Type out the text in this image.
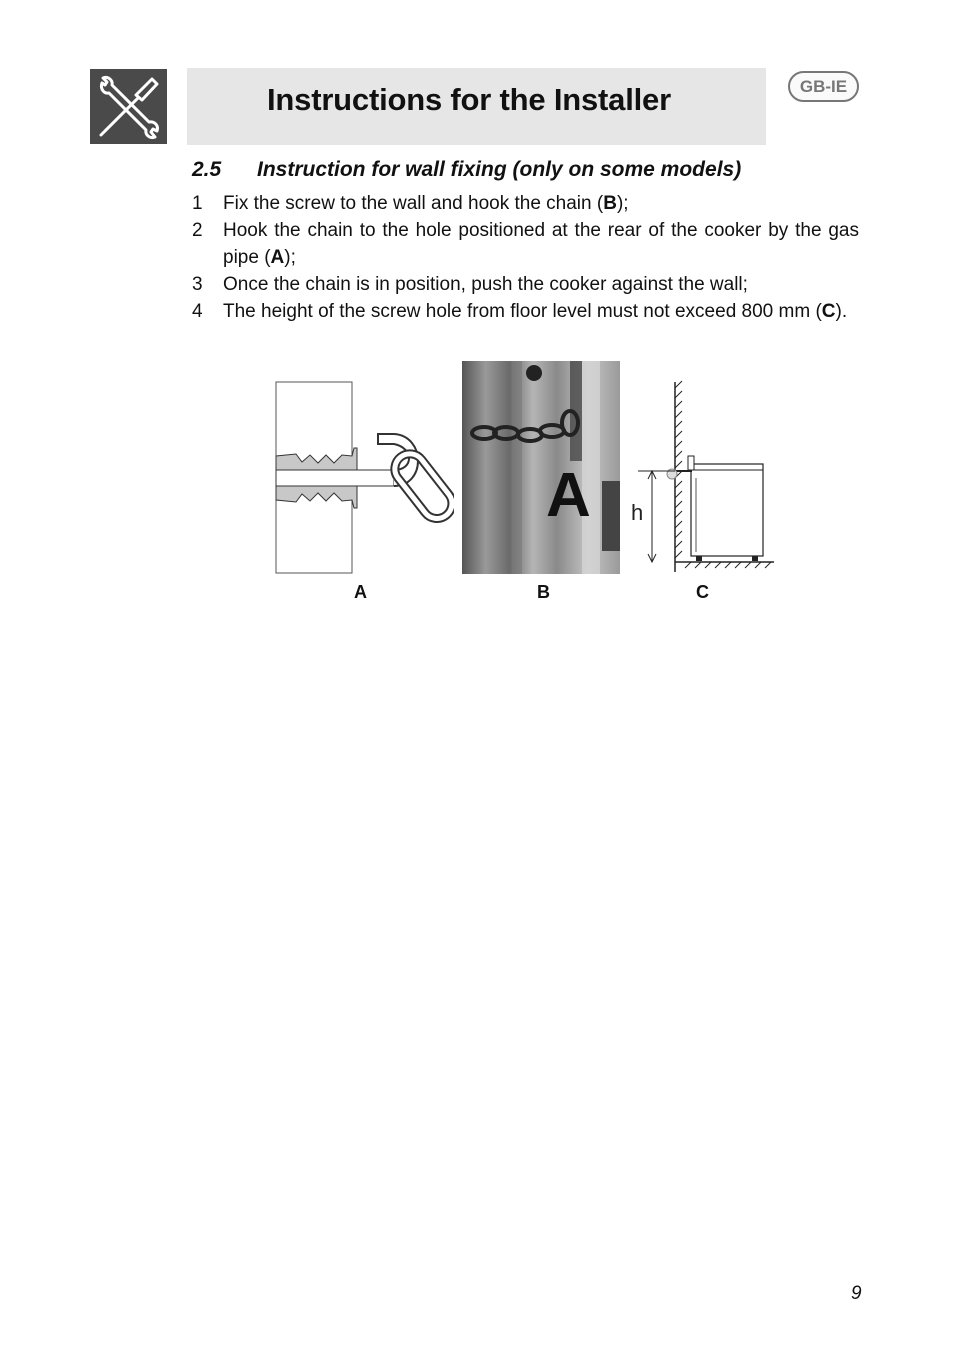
Instructions for the Installer	GB-IE
2.5 Instruction for wall fixing (only on some models)
1 Fix the screw to the wall and hook the chain (B);
2 Hook the chain to the hole positioned at the rear of the cooker by the gas pipe (A);
3 Once the chain is in position, push the cooker against the wall;
4 The height of the screw hole from floor level must not exceed 800 mm (C).
A h
A	B	C
9
